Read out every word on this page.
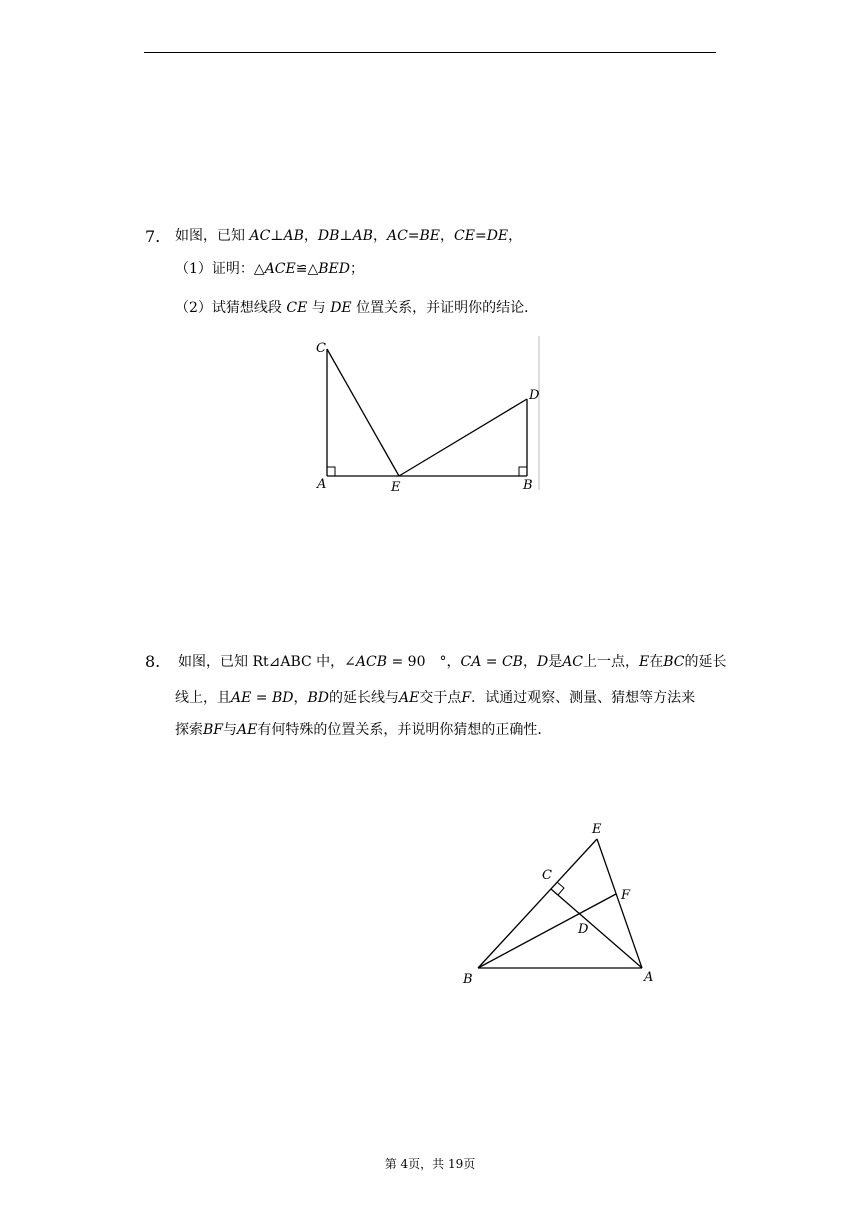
7. 如图，已知 AC⊥AB，DB⊥AB，AC=BE，CE=DE，
（1）证明：△ACE≌△BED；
（2）试猜想线段 CE 与 DE 位置关系，并证明你的结论．
C
D
A	E	B
8. 如图，已知 Rt⊿ABC 中，∠ACB = 90　°，CA = CB，D是AC上一点，E在BC的延长
线上，且AE = BD，BD的延长线与AE交于点F．试通过观察、测量、猜想等方法来
探索BF与AE有何特殊的位置关系，并说明你猜想的正确性．
E
C
F
D
B	A
第 4页，共 19页
